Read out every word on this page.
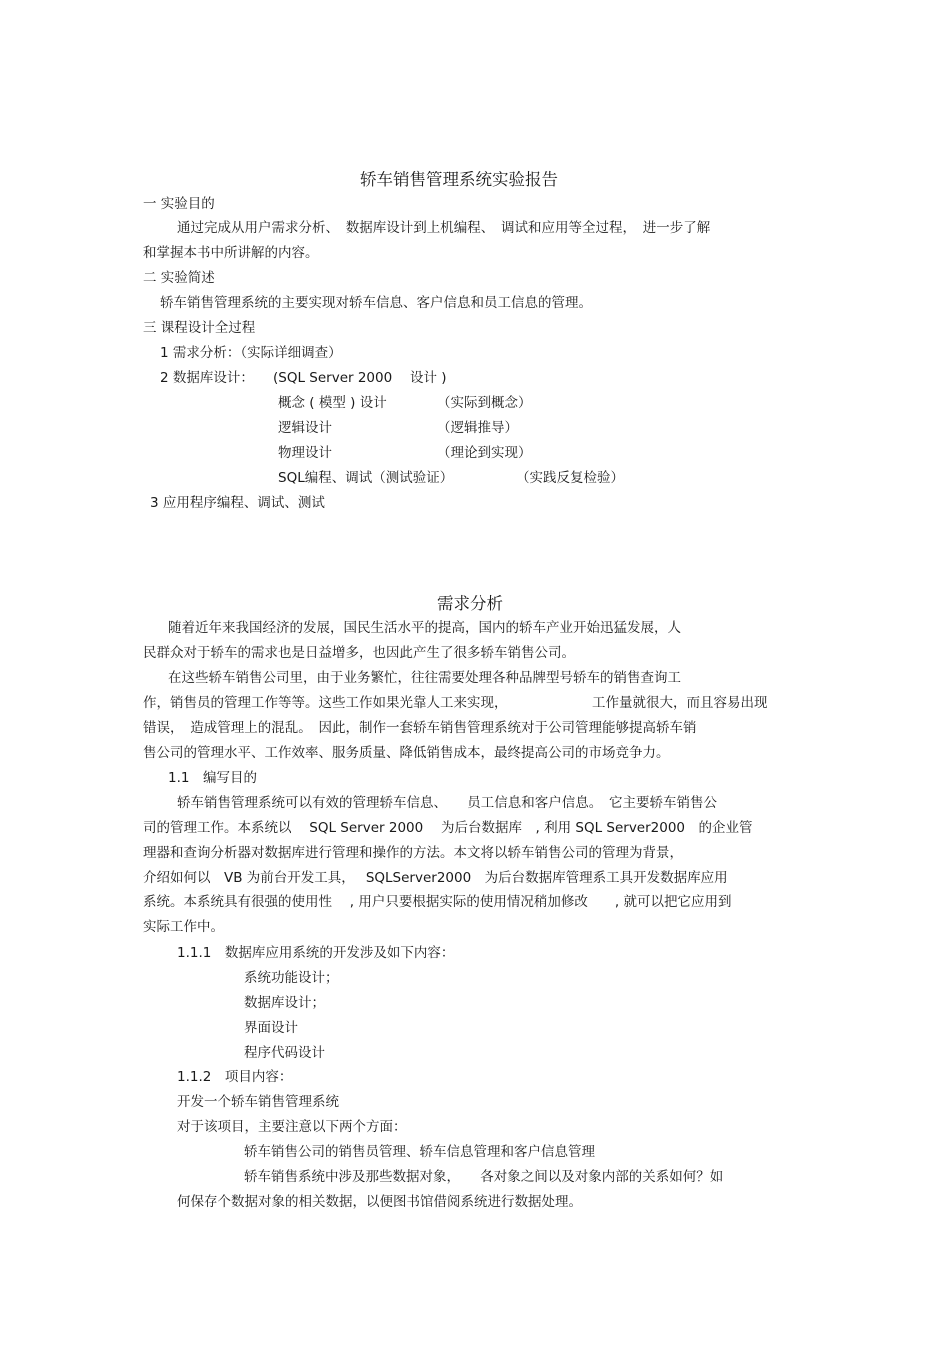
轿车销售管理系统实验报告
一 实验目的
通过完成从用户需求分析、　数据库设计到上机编程、　调试和应用等全过程，　进一步了解
和掌握本书中所讲解的内容。
二 实验简述
轿车销售管理系统的主要实现对轿车信息、客户信息和员工信息的管理。
三 课程设计全过程
1 需求分析：（实际详细调查）
2 数据库设计： (SQL Server 2000　 设计 )
概念 ( 模型 ) 设计	（实际到概念）
逻辑设计	（逻辑推导）
物理设计	（理论到实现）
SQL编程、调试（测试验证）	（实践反复检验）
3 应用程序编程、调试、测试
需求分析
随着近年来我国经济的发展，国民生活水平的提高，国内的轿车产业开始迅猛发展，人
民群众对于轿车的需求也是日益增多，也因此产生了很多轿车销售公司。
在这些轿车销售公司里，由于业务繁忙，往往需要处理各种品牌型号轿车的销售查询工
作，销售员的管理工作等等。这些工作如果光靠人工来实现，	工作量就很大，而且容易出现
错误，　造成管理上的混乱。　因此，制作一套轿车销售管理系统对于公司管理能够提高轿车销
售公司的管理水平、工作效率、服务质量、降低销售成本，最终提高公司的市场竞争力。
1.1　编写目的
轿车销售管理系统可以有效的管理轿车信息、　　员工信息和客户信息。　它主要轿车销售公
司的管理工作。本系统以　 SQL Server 2000　 为后台数据库　, 利用 SQL Server2000　的企业管
理器和查询分析器对数据库进行管理和操作的方法。本文将以轿车销售公司的管理为背景，
介绍如何以　VB 为前台开发工具，　 SQLServer2000　为后台数据库管理系工具开发数据库应用
系统。本系统具有很强的使用性　 , 用户只要根据实际的使用情况稍加修改　　, 就可以把它应用到
实际工作中。
1.1.1　数据库应用系统的开发涉及如下内容：
系统功能设计；
数据库设计；
界面设计
程序代码设计
1.1.2　项目内容：
开发一个轿车销售管理系统
对于该项目，主要注意以下两个方面：
轿车销售公司的销售员管理、轿车信息管理和客户信息管理
轿车销售系统中涉及那些数据对象，　　各对象之间以及对象内部的关系如何？如
何保存个数据对象的相关数据，以便图书馆借阅系统进行数据处理。
